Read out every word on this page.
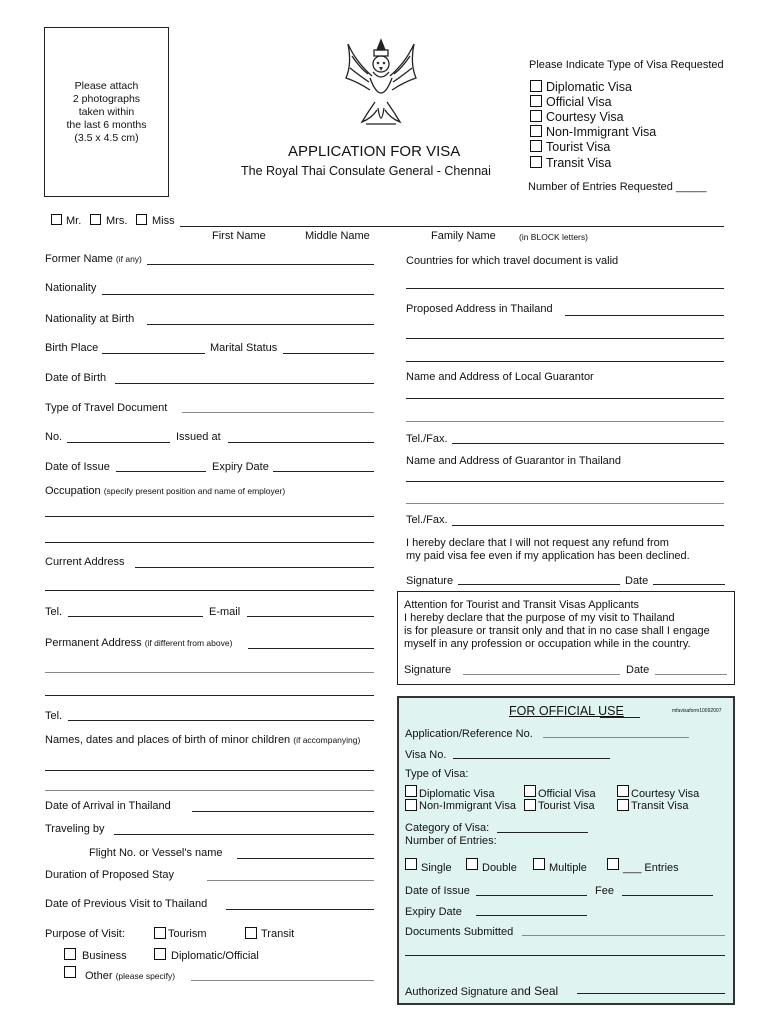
Please attach
2 photographs
taken within
the last 6 months
(3.5 x 4.5 cm)
APPLICATION FOR VISA
The Royal Thai Consulate General - Chennai
Please Indicate Type of Visa Requested
Diplomatic Visa
Official Visa
Courtesy Visa
Non-Immigrant Visa
Tourist Visa
Transit Visa
Number of Entries Requested _____
Mr. Mrs. Miss
First Name	Middle Name	Family Name	(in BLOCK letters)
Former Name (if any)
Nationality
Nationality at Birth
Birth Place	Marital Status
Date of Birth
Type of Travel Document
No.	Issued at
Date of Issue	Expiry Date
Occupation (specify present position and name of employer)
Current Address
Tel.	E-mail
Permanent Address (if different from above)
Tel.
Names, dates and places of birth of minor children (if accompanying)
Date of Arrival in Thailand
Traveling by
Flight No. or Vessel's name
Duration of Proposed Stay
Date of Previous Visit to Thailand
Purpose of Visit:	Tourism	Transit
Business	Diplomatic/Official
Other (please specify)
Countries for which travel document is valid
Proposed Address in Thailand
Name and Address of Local Guarantor
Tel./Fax.
Name and Address of Guarantor in Thailand
Tel./Fax.
I hereby declare that I will not request any refund from
my paid visa fee even if my application has been declined.
Signature	Date
Attention for Tourist and Transit Visas Applicants
I hereby declare that the purpose of my visit to Thailand
is for pleasure or transit only and that in no case shall I engage
myself in any profession or occupation while in the country.
Signature	Date
FOR OFFICIAL USE	mfavisaform10092007
Application/Reference No.
Visa No.
Type of Visa:
Diplomatic Visa	Official Visa	Courtesy Visa
Non-Immigrant Visa Tourist Visa	Transit Visa
Category of Visa:
Number of Entries:
Single	Double	Multiple	___ Entries
Date of Issue	Fee
Expiry Date
Documents Submitted
Authorized Signature and Seal
